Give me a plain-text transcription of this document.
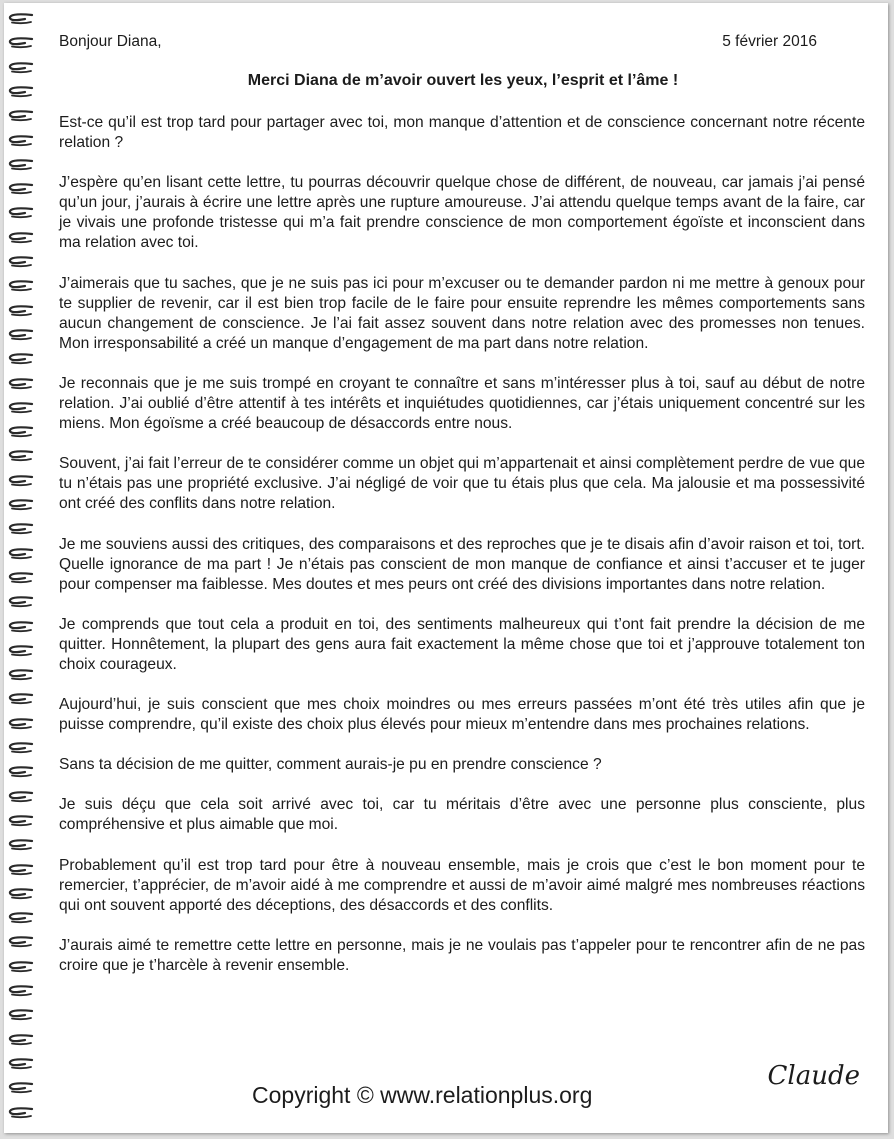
Bonjour Diana,	5 février 2016
Merci Diana de m’avoir ouvert les yeux, l’esprit et l’âme !

Est-ce qu’il est trop tard pour partager avec toi, mon manque d’attention et de conscience concernant notre récente relation ?

J’espère qu’en lisant cette lettre, tu pourras découvrir quelque chose de différent, de nouveau, car jamais j’ai pensé qu’un jour, j’aurais à écrire une lettre après une rupture amoureuse. J’ai attendu quelque temps avant de la faire, car je vivais une profonde tristesse qui m’a fait prendre conscience de mon comportement égoïste et inconscient dans ma relation avec toi.

J’aimerais que tu saches, que je ne suis pas ici pour m’excuser ou te demander pardon ni me mettre à genoux pour te supplier de revenir, car il est bien trop facile de le faire pour ensuite reprendre les mêmes comportements sans aucun changement de conscience. Je l’ai fait assez souvent dans notre relation avec des promesses non tenues. Mon irresponsabilité a créé un manque d’engagement de ma part dans notre relation.

Je reconnais que je me suis trompé en croyant te connaître et sans m’intéresser plus à toi, sauf au début de notre relation. J’ai oublié d’être attentif à tes intérêts et inquiétudes quotidiennes, car j’étais uniquement concentré sur les miens. Mon égoïsme a créé beaucoup de désaccords entre nous.

Souvent, j’ai fait l’erreur de te considérer comme un objet qui m’appartenait et ainsi complètement perdre de vue que tu n’étais pas une propriété exclusive. J’ai négligé de voir que tu étais plus que cela. Ma jalousie et ma possessivité ont créé des conflits dans notre relation.

Je me souviens aussi des critiques, des comparaisons et des reproches que je te disais afin d’avoir raison et toi, tort. Quelle ignorance de ma part ! Je n’étais pas conscient de mon manque de confiance et ainsi t’accuser et te juger pour compenser ma faiblesse. Mes doutes et mes peurs ont créé des divisions importantes dans notre relation.

Je comprends que tout cela a produit en toi, des sentiments malheureux qui t’ont fait prendre la décision de me quitter. Honnêtement, la plupart des gens aura fait exactement la même chose que toi et j’approuve totalement ton choix courageux.

Aujourd’hui, je suis conscient que mes choix moindres ou mes erreurs passées m’ont été très utiles afin que je puisse comprendre, qu’il existe des choix plus élevés pour mieux m’entendre dans mes prochaines relations.

Sans ta décision de me quitter, comment aurais-je pu en prendre conscience ?

Je suis déçu que cela soit arrivé avec toi, car tu méritais d’être avec une personne plus consciente, plus compréhensive et plus aimable que moi.

Probablement qu’il est trop tard pour être à nouveau ensemble, mais je crois que c’est le bon moment pour te remercier, t’apprécier, de m’avoir aidé à me comprendre et aussi de m’avoir aimé malgré mes nombreuses réactions qui ont souvent apporté des déceptions, des désaccords et des conflits.

J’aurais aimé te remettre cette lettre en personne, mais je ne voulais pas t’appeler pour te rencontrer afin de ne pas croire que je t’harcèle à revenir ensemble.

Claude
Copyright © www.relationplus.org
